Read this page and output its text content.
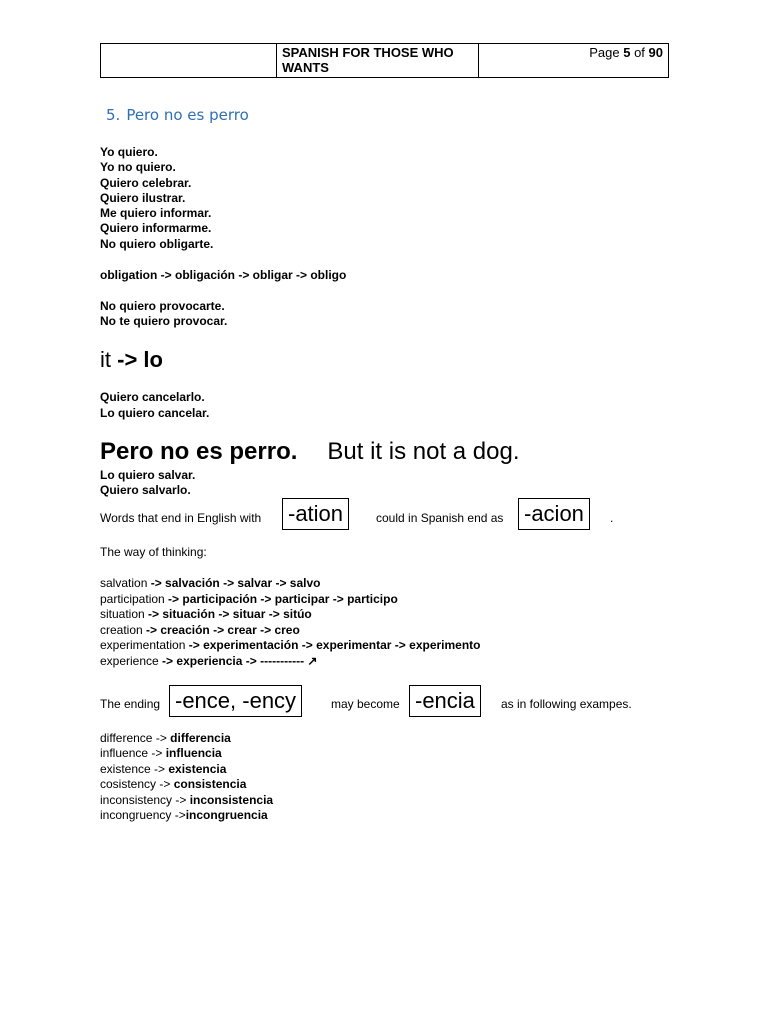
	SPANISH FOR THOSE WHO
WANTS	Page 5 of 90
5. Pero no es perro
Yo quiero.
Yo no quiero.
Quiero celebrar.
Quiero ilustrar.
Me quiero informar.
Quiero informarme.
No quiero obligarte.
obligation -> obligación -> obligar -> obligo
No quiero provocarte.
No te quiero provocar.
it -> lo
Quiero cancelarlo.
Lo quiero cancelar.
Pero no es perro. But it is not a dog.
Lo quiero salvar.
Quiero salvarlo.
Words that end in English with -ation	could in Spanish end as -acion	.
The way of thinking:
salvation -> salvación -> salvar -> salvo
participation -> participación -> participar -> participo
situation -> situación -> situar -> sitúo
creation -> creación -> crear -> creo
experimentation -> experimentación -> experimentar -> experimento
experience -> experiencia -> ----------- ↗
The ending -ence, -ency	may become -encia	as in following exampes.
difference -> differencia
influence -> influencia
existence -> existencia
cosistency -> consistencia
inconsistency -> inconsistencia
incongruency ->incongruencia
